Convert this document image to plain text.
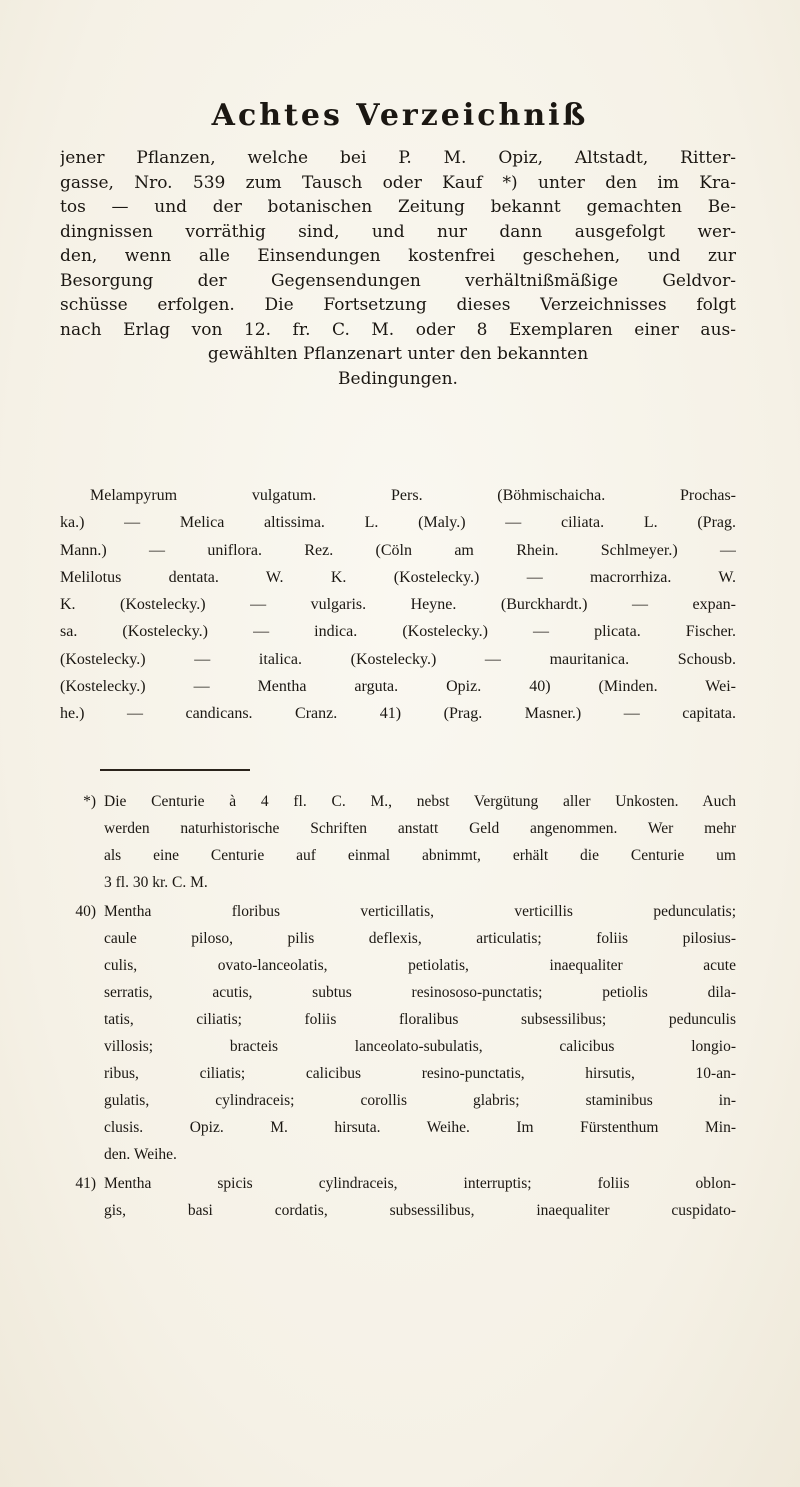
Achtes Verzeichniß
jener Pflanzen, welche bei P. M. Opiz, Altstadt, Ritter-
gasse, Nro. 539 zum Tausch oder Kauf *) unter den im Kra-
tos — und der botanischen Zeitung bekannt gemachten Be-
dingnissen vorräthig sind, und nur dann ausgefolgt wer-
den, wenn alle Einsendungen kostenfrei geschehen, und zur
Besorgung der Gegensendungen verhältnißmäßige Geldvor-
schüsse erfolgen. Die Fortsetzung dieses Verzeichnisses folgt
nach Erlag von 12. fr. C. M. oder 8 Exemplaren einer aus-
gewählten Pflanzenart unter den bekannten
Bedingungen.
Melampyrum vulgatum. Pers. (Böhmischaicha. Prochas-
ka.) — Melica altissima. L. (Maly.) — ciliata. L. (Prag.
Mann.) — uniflora. Rez. (Cöln am Rhein. Schlmeyer.) —
Melilotus dentata. W. K. (Kostelecky.) — macrorrhiza. W.
K. (Kostelecky.) — vulgaris. Heyne. (Burckhardt.) — expan-
sa. (Kostelecky.) — indica. (Kostelecky.) — plicata. Fischer.
(Kostelecky.) — italica. (Kostelecky.) — mauritanica. Schousb.
(Kostelecky.) — Mentha arguta. Opiz. 40) (Minden. Wei-
he.) — candicans. Cranz. 41) (Prag. Masner.) — capitata.
*) Die Centurie à 4 fl. C. M., nebst Vergütung aller Unkosten. Auch
werden naturhistorische Schriften anstatt Geld angenommen. Wer mehr
als eine Centurie auf einmal abnimmt, erhält die Centurie um
3 fl. 30 kr. C. M.
40) Mentha floribus verticillatis, verticillis pedunculatis;
caule piloso, pilis deflexis, articulatis; foliis pilosius-
culis, ovato-lanceolatis, petiolatis, inaequaliter acute
serratis, acutis, subtus resinososo-punctatis; petiolis dila-
tatis, ciliatis; foliis floralibus subsessilibus; pedunculis
villosis; bracteis lanceolato-subulatis, calicibus longio-
ribus, ciliatis; calicibus resino-punctatis, hirsutis, 10-an-
gulatis, cylindraceis; corollis glabris; staminibus in-
clusis. Opiz. M. hirsuta. Weihe. Im Fürstenthum Min-
den. Weihe.
41) Mentha spicis cylindraceis, interruptis; foliis oblon-
gis, basi cordatis, subsessilibus, inaequaliter cuspidato-
